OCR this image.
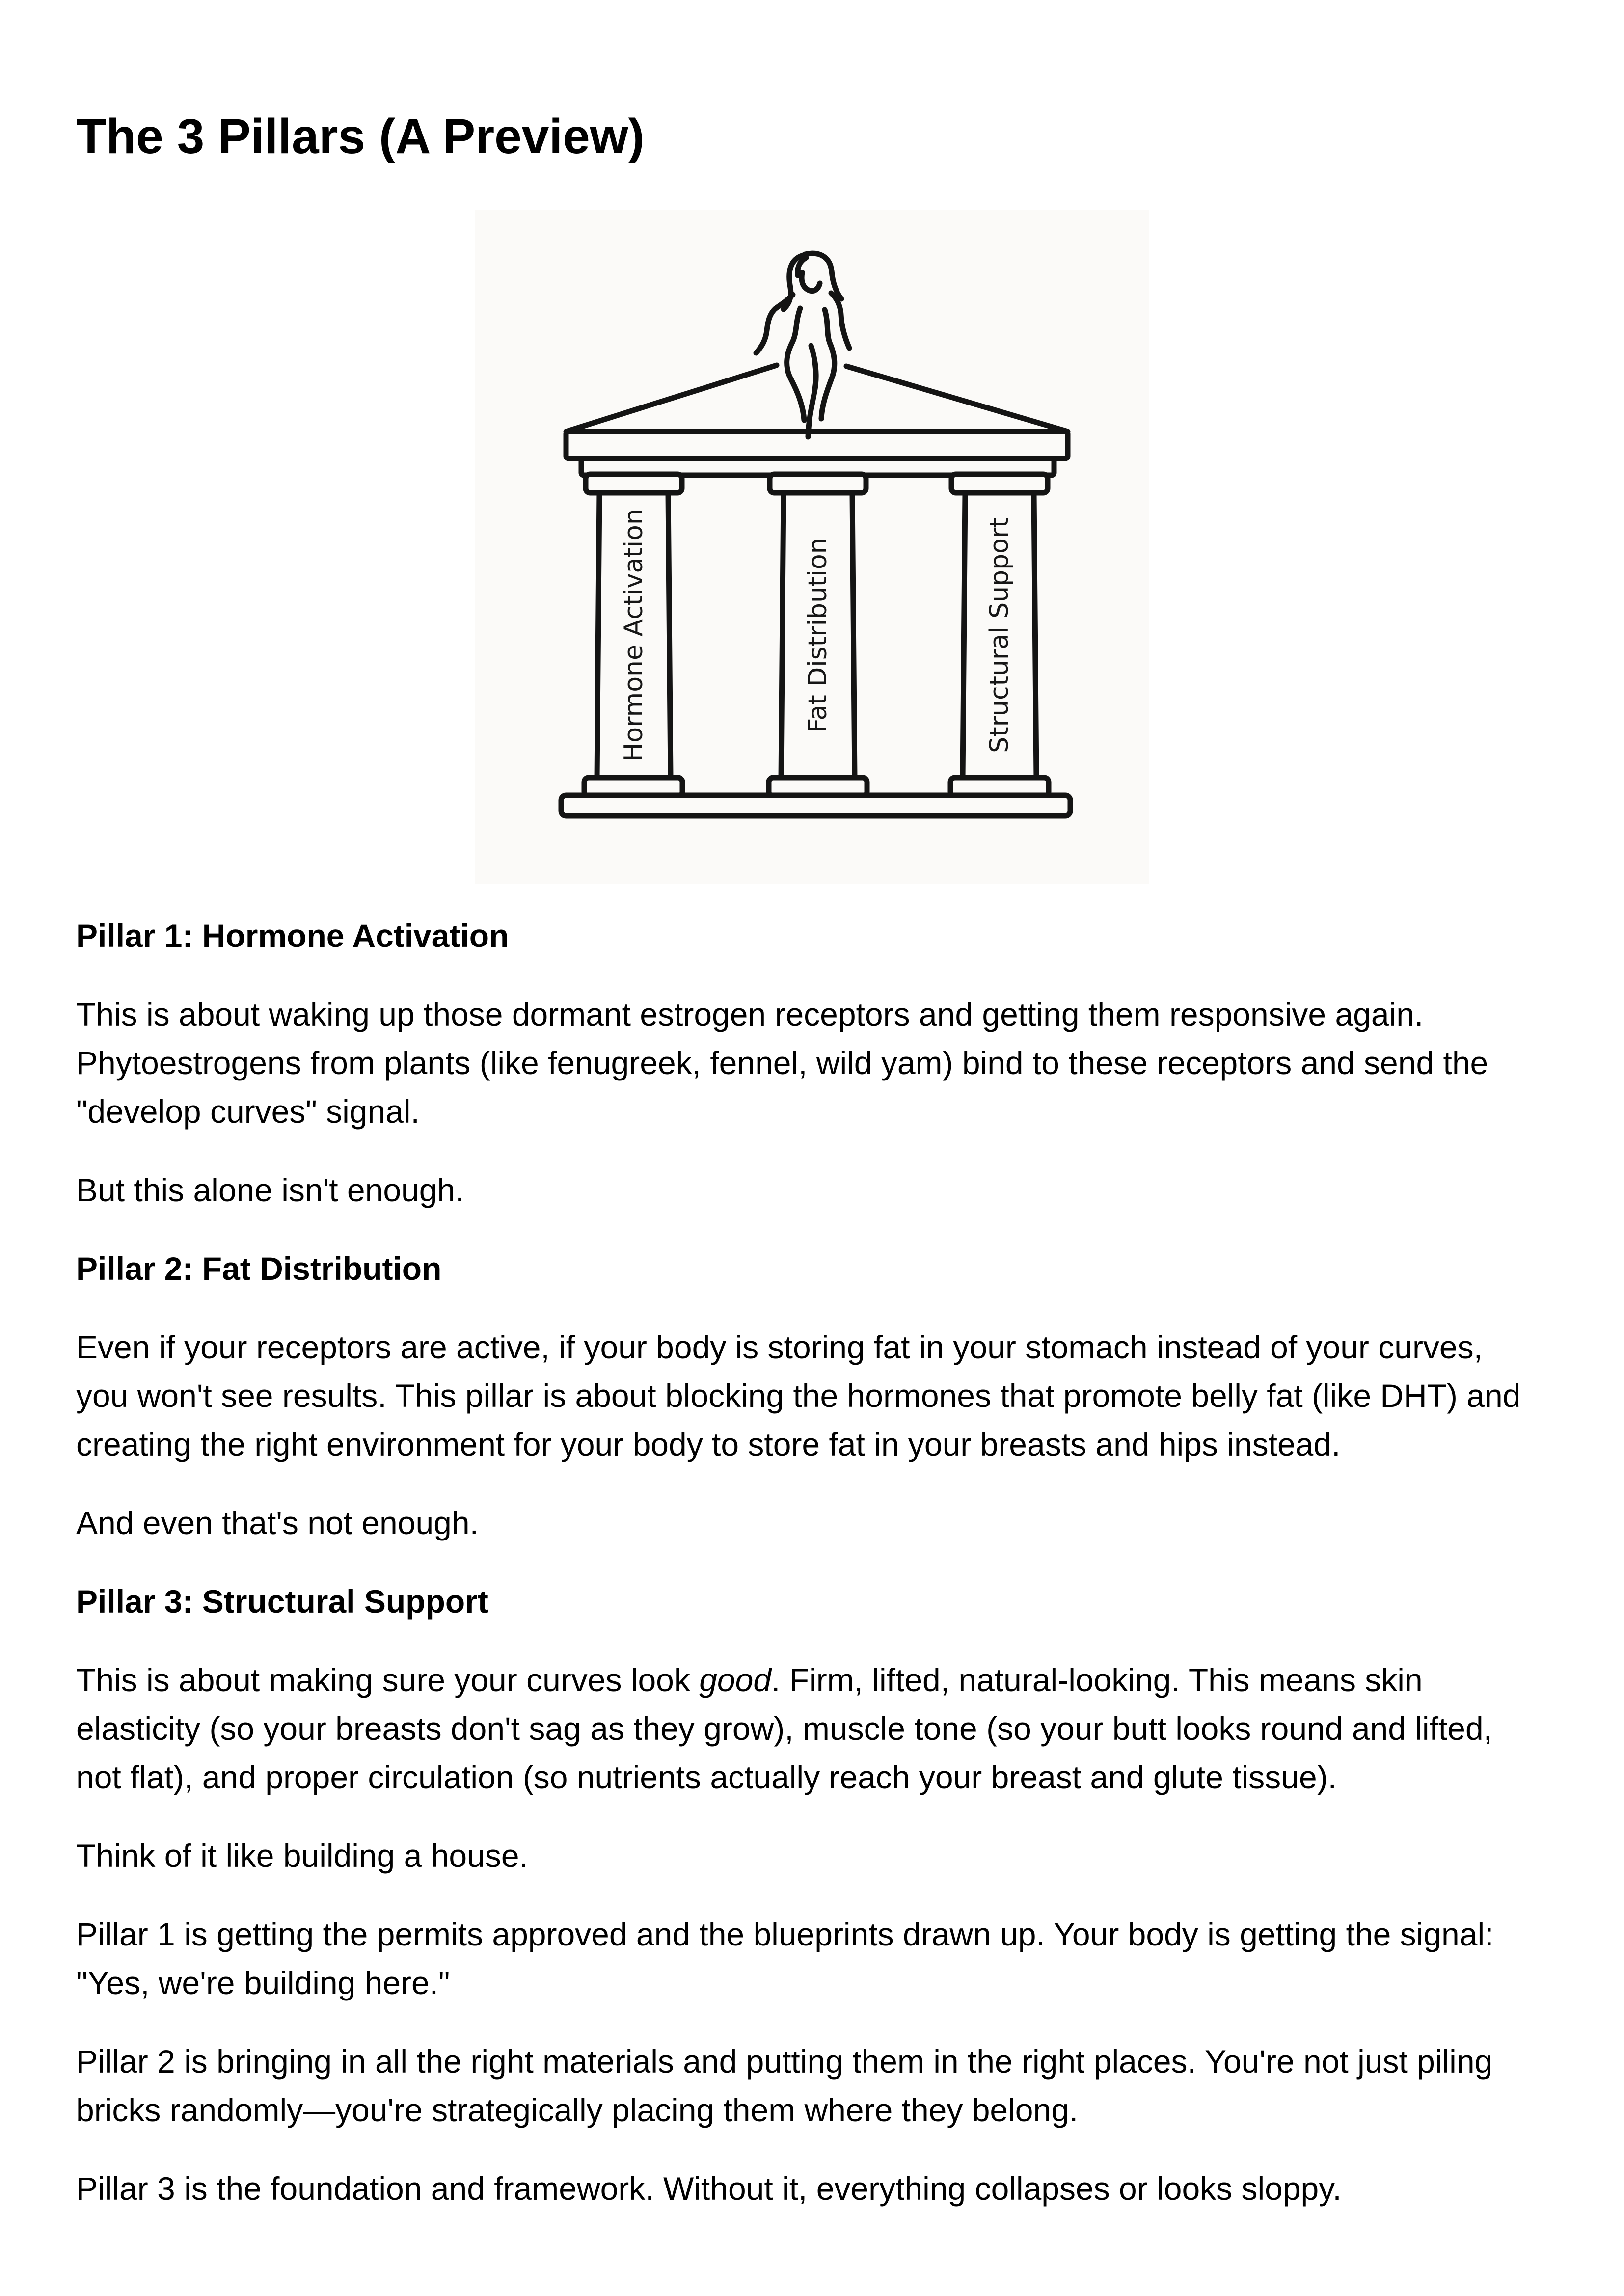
The 3 Pillars (A Preview)
Hormone Activation	Fat Distribution	Structural Support

Pillar 1: Hormone Activation

This is about waking up those dormant estrogen receptors and getting them responsive again. Phytoestrogens from plants (like fenugreek, fennel, wild yam) bind to these receptors and send the "develop curves" signal.

But this alone isn't enough.

Pillar 2: Fat Distribution

Even if your receptors are active, if your body is storing fat in your stomach instead of your curves, you won't see results. This pillar is about blocking the hormones that promote belly fat (like DHT) and creating the right environment for your body to store fat in your breasts and hips instead.

And even that's not enough.

Pillar 3: Structural Support

This is about making sure your curves look good. Firm, lifted, natural-looking. This means skin elasticity (so your breasts don't sag as they grow), muscle tone (so your butt looks round and lifted, not flat), and proper circulation (so nutrients actually reach your breast and glute tissue).

Think of it like building a house.

Pillar 1 is getting the permits approved and the blueprints drawn up. Your body is getting the signal: "Yes, we're building here."

Pillar 2 is bringing in all the right materials and putting them in the right places. You're not just piling bricks randomly—you're strategically placing them where they belong.

Pillar 3 is the foundation and framework. Without it, everything collapses or looks sloppy.
